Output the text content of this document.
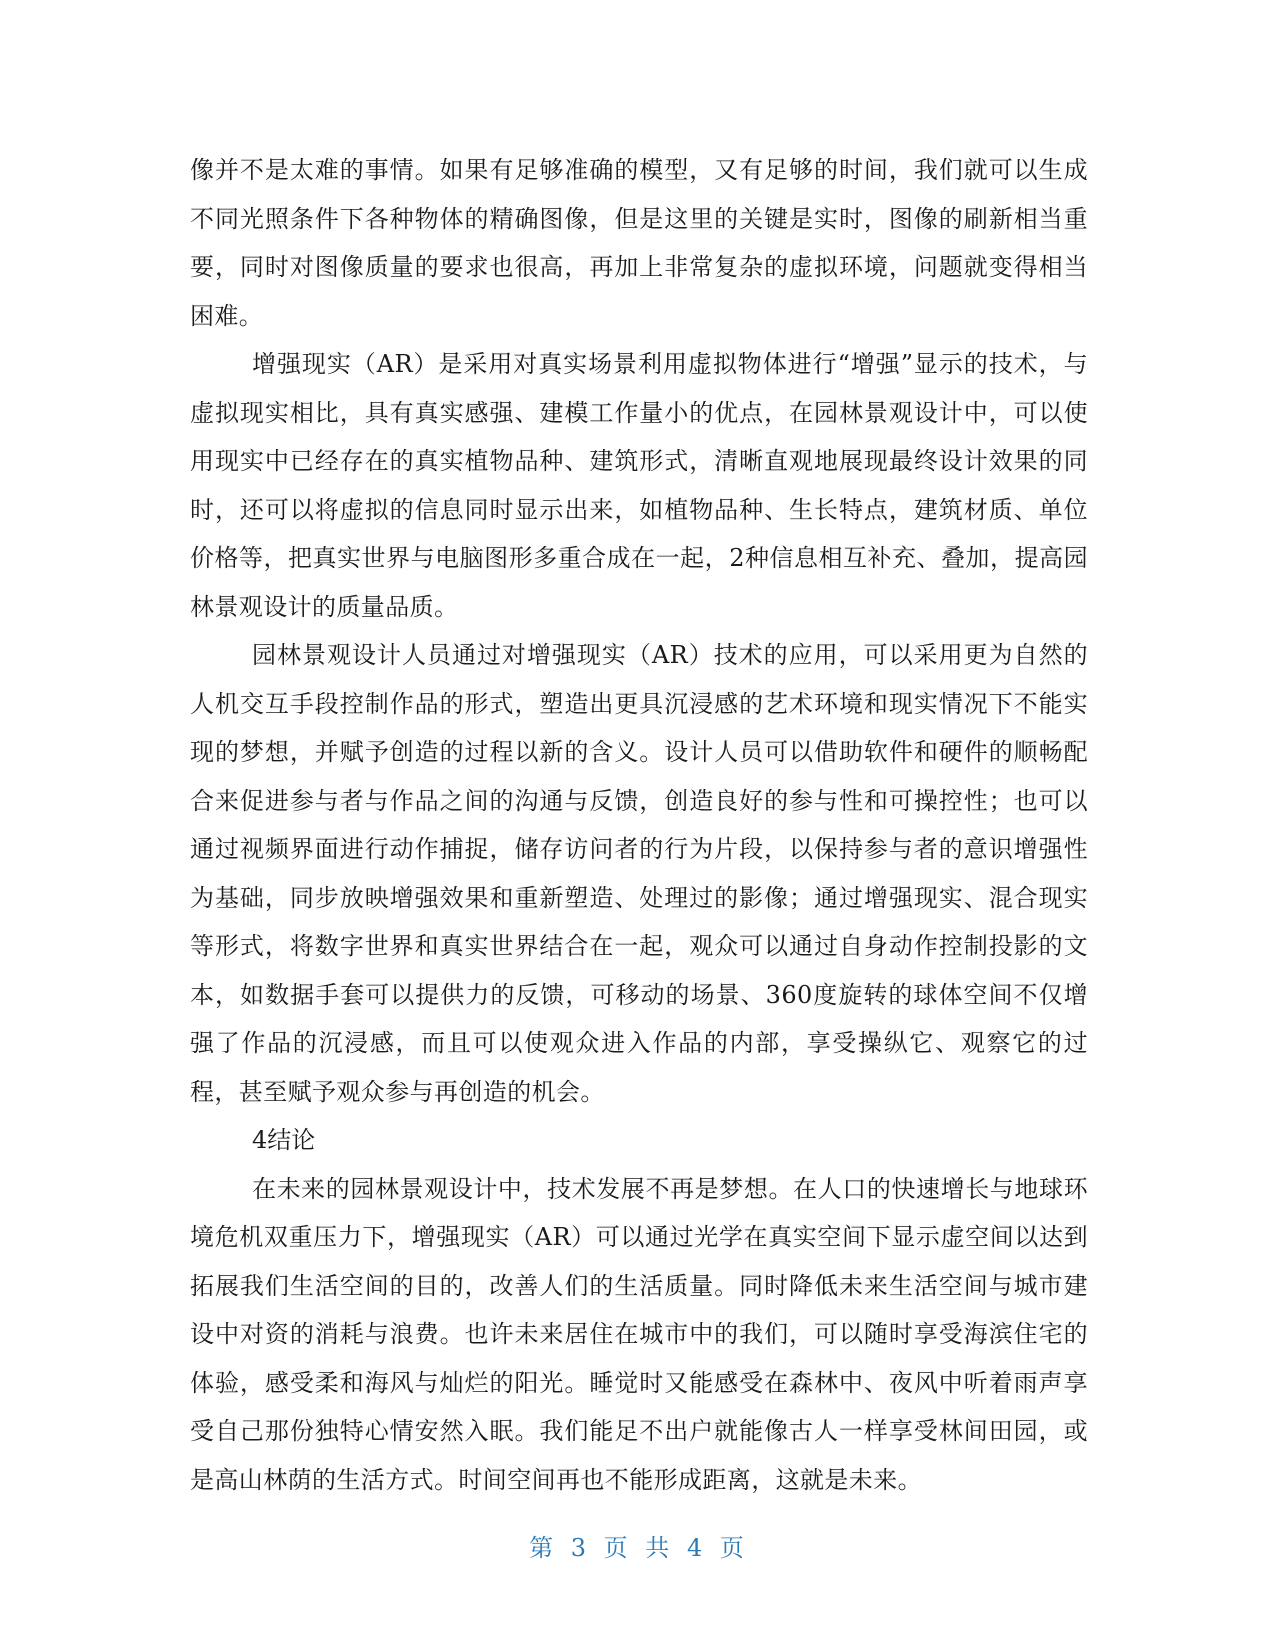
像并不是太难的事情。如果有足够准确的模型，又有足够的时间，我们就可以生成不同光照条件下各种物体的精确图像，但是这里的关键是实时，图像的刷新相当重要，同时对图像质量的要求也很高，再加上非常复杂的虚拟环境，问题就变得相当困难。

增强现实（AR）是采用对真实场景利用虚拟物体进行“增强”显示的技术，与虚拟现实相比，具有真实感强、建模工作量小的优点，在园林景观设计中，可以使用现实中已经存在的真实植物品种、建筑形式，清晰直观地展现最终设计效果的同时，还可以将虚拟的信息同时显示出来，如植物品种、生长特点，建筑材质、单位价格等，把真实世界与电脑图形多重合成在一起，2种信息相互补充、叠加，提高园林景观设计的质量品质。

园林景观设计人员通过对增强现实（AR）技术的应用，可以采用更为自然的人机交互手段控制作品的形式，塑造出更具沉浸感的艺术环境和现实情况下不能实现的梦想，并赋予创造的过程以新的含义。设计人员可以借助软件和硬件的顺畅配合来促进参与者与作品之间的沟通与反馈，创造良好的参与性和可操控性；也可以通过视频界面进行动作捕捉，储存访问者的行为片段，以保持参与者的意识增强性为基础，同步放映增强效果和重新塑造、处理过的影像；通过增强现实、混合现实等形式，将数字世界和真实世界结合在一起，观众可以通过自身动作控制投影的文本，如数据手套可以提供力的反馈，可移动的场景、360度旋转的球体空间不仅增强了作品的沉浸感，而且可以使观众进入作品的内部，享受操纵它、观察它的过程，甚至赋予观众参与再创造的机会。

4结论

在未来的园林景观设计中，技术发展不再是梦想。在人口的快速增长与地球环境危机双重压力下，增强现实（AR）可以通过光学在真实空间下显示虚空间以达到拓展我们生活空间的目的，改善人们的生活质量。同时降低未来生活空间与城市建设中对资的消耗与浪费。也许未来居住在城市中的我们，可以随时享受海滨住宅的体验，感受柔和海风与灿烂的阳光。睡觉时又能感受在森林中、夜风中听着雨声享受自己那份独特心情安然入眠。我们能足不出户就能像古人一样享受林间田园，或是高山林荫的生活方式。时间空间再也不能形成距离，这就是未来。

第 3 页 共 4 页
